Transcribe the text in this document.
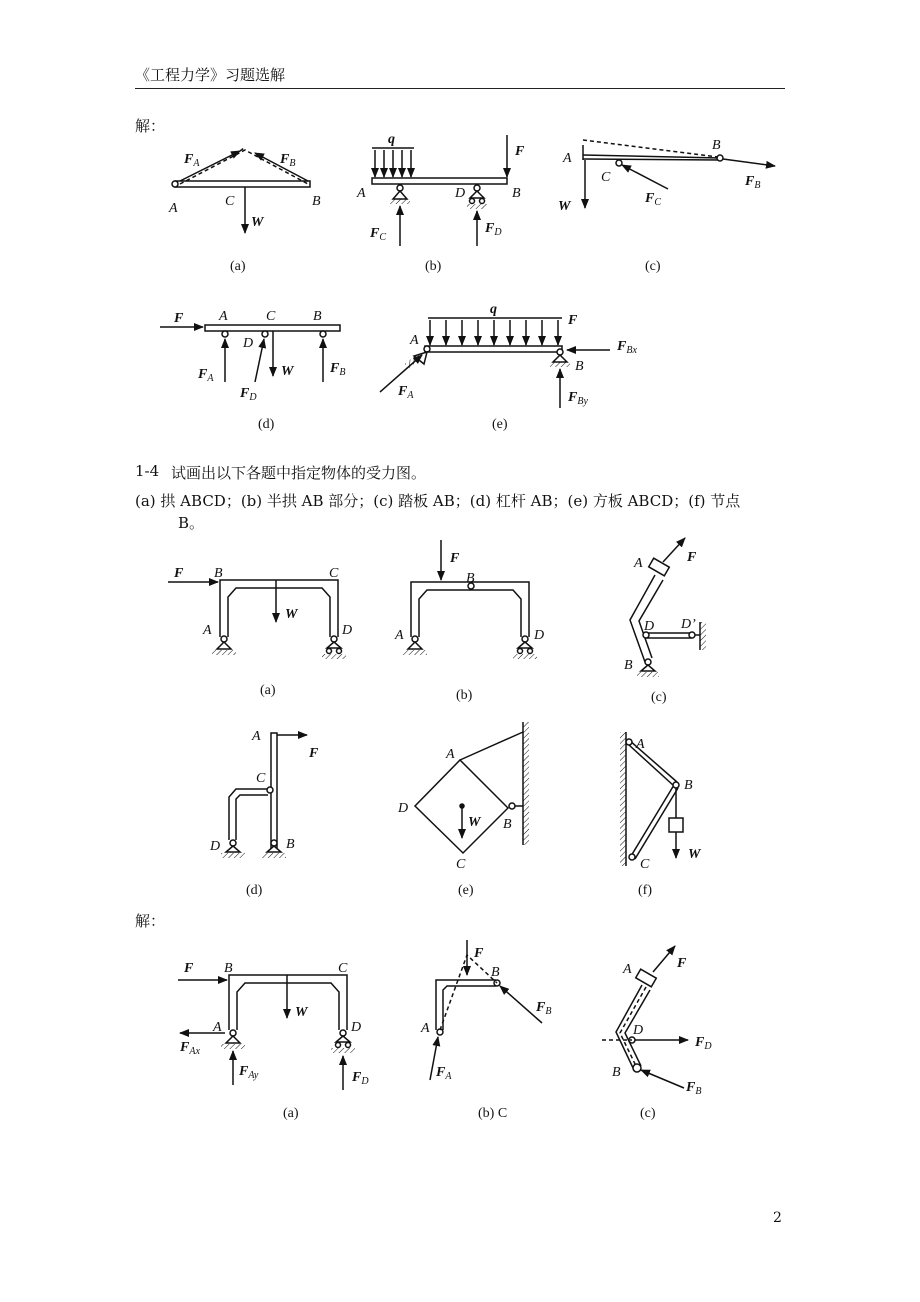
《工程力学》习题选解
解：
1-4 试画出以下各题中指定物体的受力图。
(a) 拱 ABCD；(b) 半拱 AB 部分；(c) 踏板 AB；(d) 杠杆 AB；(e) 方板 ABCD；(f) 节点
B。
解：
2
$F_A$	$F_B$
A	C	B
W
(a)
q
F
A	D	B
$F_C$
$F_D$
(b)
A
B
C	$F_B$
$F_C$
W
(c)
F	A	C	B
D
$F_A$	W	$F_B$
$F_D$
(d)
q
F
A
B
$F_{Bx}$
$F_{By}$
$F_A$
(e)
F B	C
W
A	D
(a)
F
B
A	D
(b)
A	F
D D’
B
(c)
A
F
C
D	B
(d)
A
D
W B
C
(e)
A
B
W
C
(f)
F B	C
W
A	D
$F_{Ax}$
$F_{Ay}$	$F_D$
(a)
F
B
A
$F_B$
$F_A$
(b) C
A	F
D
$F_D$
B
$F_B$
(c)
